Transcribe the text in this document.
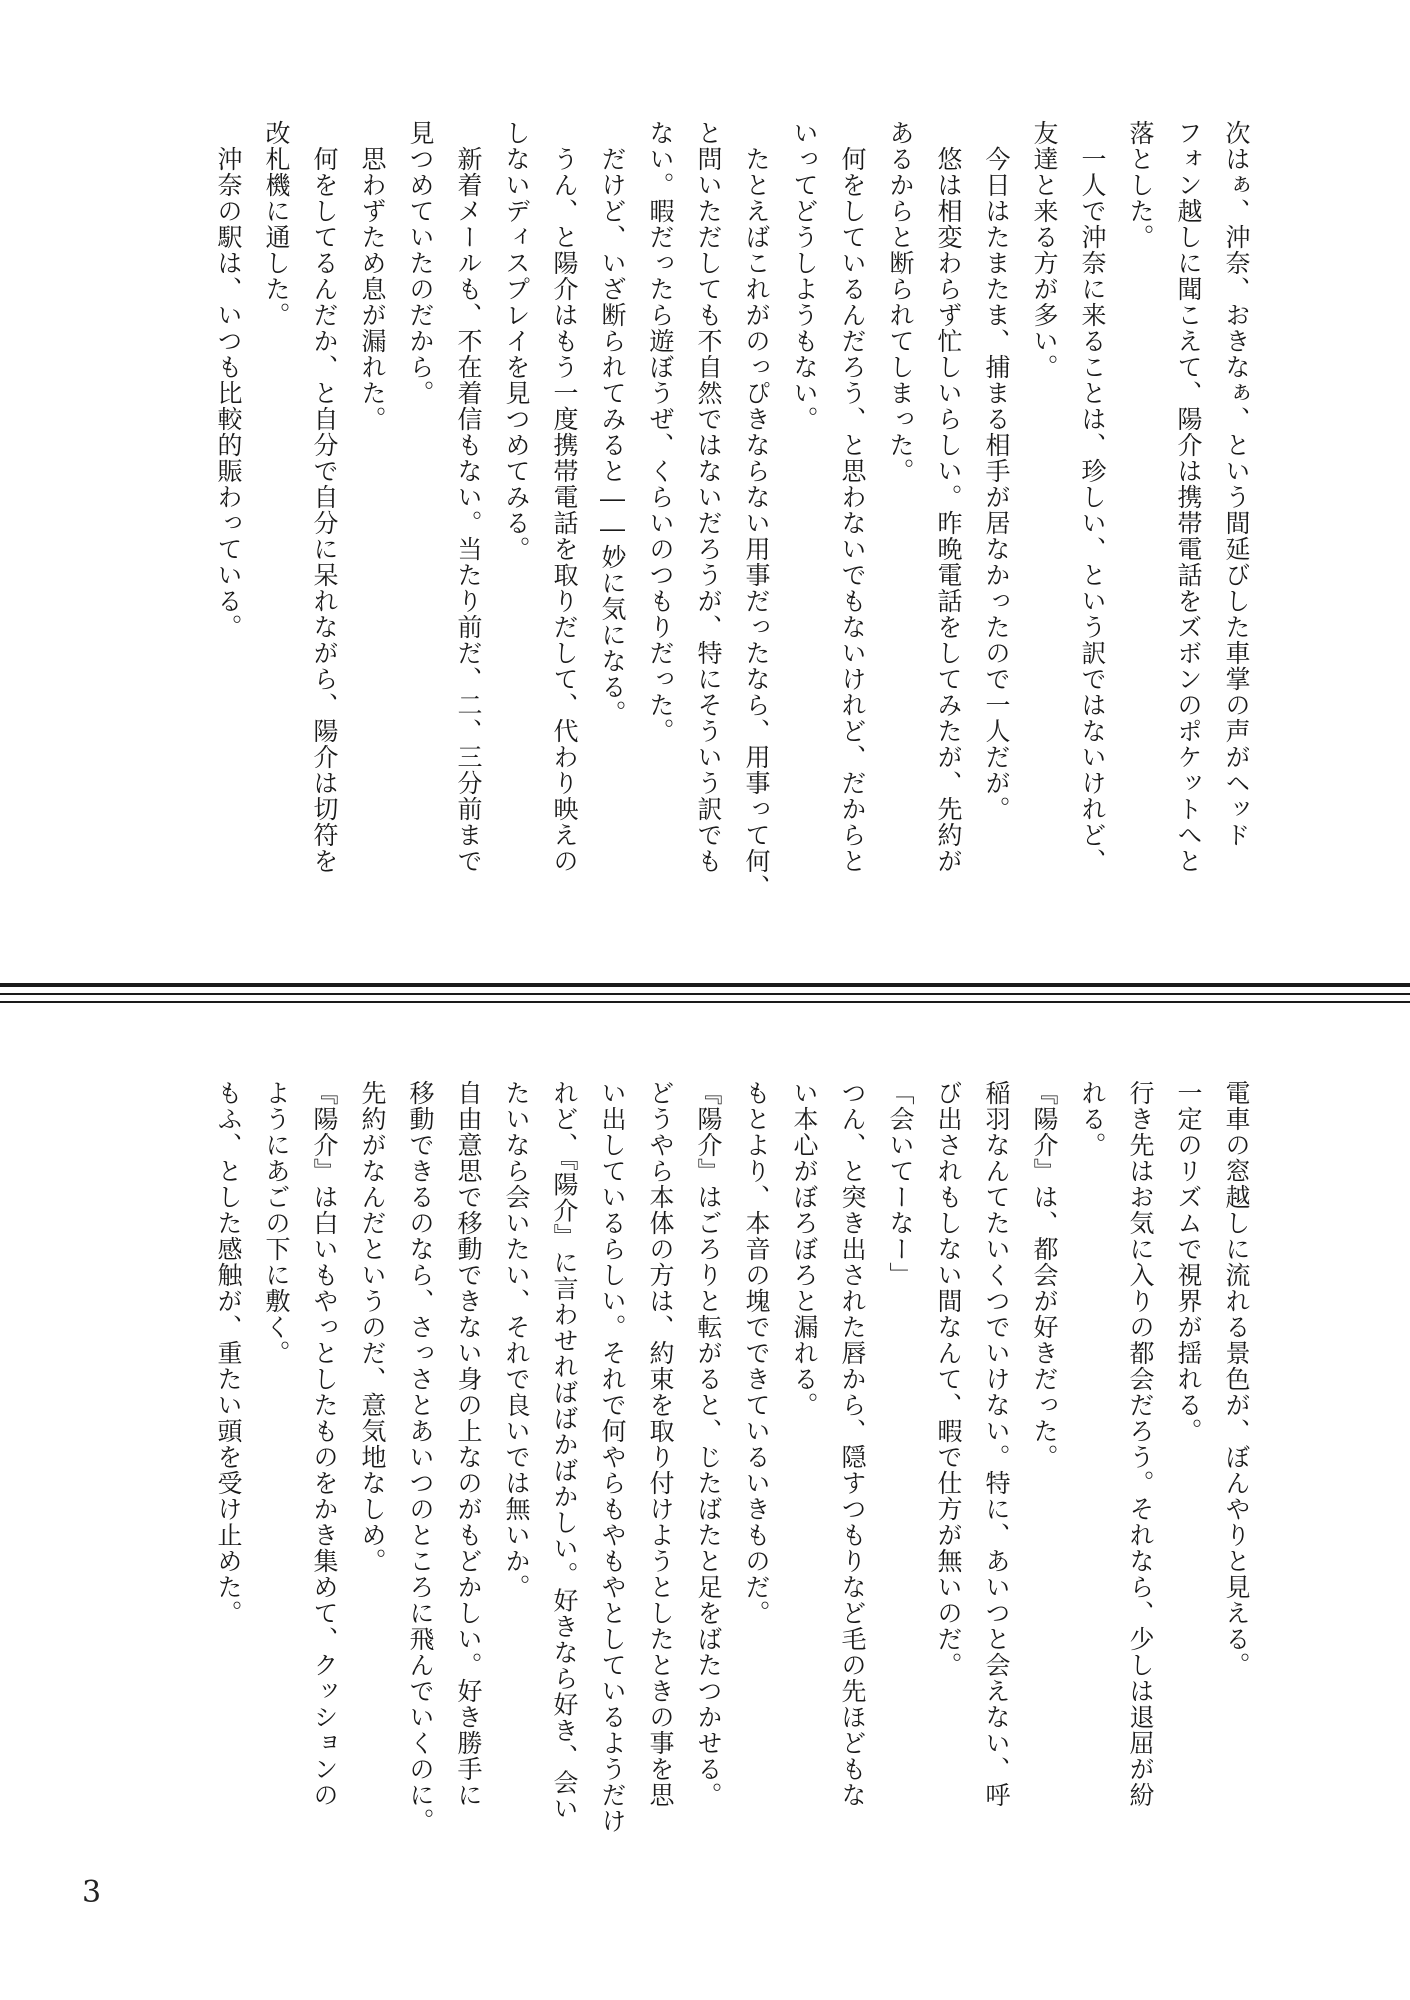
次はぁ、沖奈、おきなぁ、という間延びした車掌の声がヘッド

フォン越しに聞こえて、陽介は携帯電話をズボンのポケットへと

落とした。

　一人で沖奈に来ることは、珍しい、という訳ではないけれど、

友達と来る方が多い。

　今日はたまたま、捕まる相手が居なかったので一人だが。

　悠は相変わらず忙しいらしい。昨晩電話をしてみたが、先約が

あるからと断られてしまった。

　何をしているんだろう、と思わないでもないけれど、だからと

いってどうしようもない。

　たとえばこれがのっぴきならない用事だったなら、用事って何、

と問いただしても不自然ではないだろうが、特にそういう訳でも

ない。暇だったら遊ぼうぜ、くらいのつもりだった。

　だけど、いざ断られてみると――妙に気になる。

　うん、と陽介はもう一度携帯電話を取りだして、代わり映えの

しないディスプレイを見つめてみる。

　新着メールも、不在着信もない。当たり前だ、二、三分前まで

見つめていたのだから。

　思わずため息が漏れた。

　何をしてるんだか、と自分で自分に呆れながら、陽介は切符を

改札機に通した。

　沖奈の駅は、いつも比較的賑わっている。

電車の窓越しに流れる景色が、ぼんやりと見える。

一定のリズムで視界が揺れる。

行き先はお気に入りの都会だろう。それなら、少しは退屈が紛

れる。

『陽介』は、都会が好きだった。

稲羽なんてたいくつでいけない。特に、あいつと会えない、呼

び出されもしない間なんて、暇で仕方が無いのだ。

「会いてーなー」

つん、と突き出された唇から、隠すつもりなど毛の先ほどもな

い本心がぼろぼろと漏れる。

もとより、本音の塊でできているいきものだ。

『陽介』はごろりと転がると、じたばたと足をばたつかせる。

どうやら本体の方は、約束を取り付けようとしたときの事を思

い出しているらしい。それで何やらもやもやとしているようだけ

れど、『陽介』に言わせればばかばかしい。好きなら好き、会い

たいなら会いたい、それで良いでは無いか。

自由意思で移動できない身の上なのがもどかしい。好き勝手に

移動できるのなら、さっさとあいつのところに飛んでいくのに。

先約がなんだというのだ、意気地なしめ。

『陽介』は白いもやっとしたものをかき集めて、クッションの

ようにあごの下に敷く。

もふ、とした感触が、重たい頭を受け止めた。

3
